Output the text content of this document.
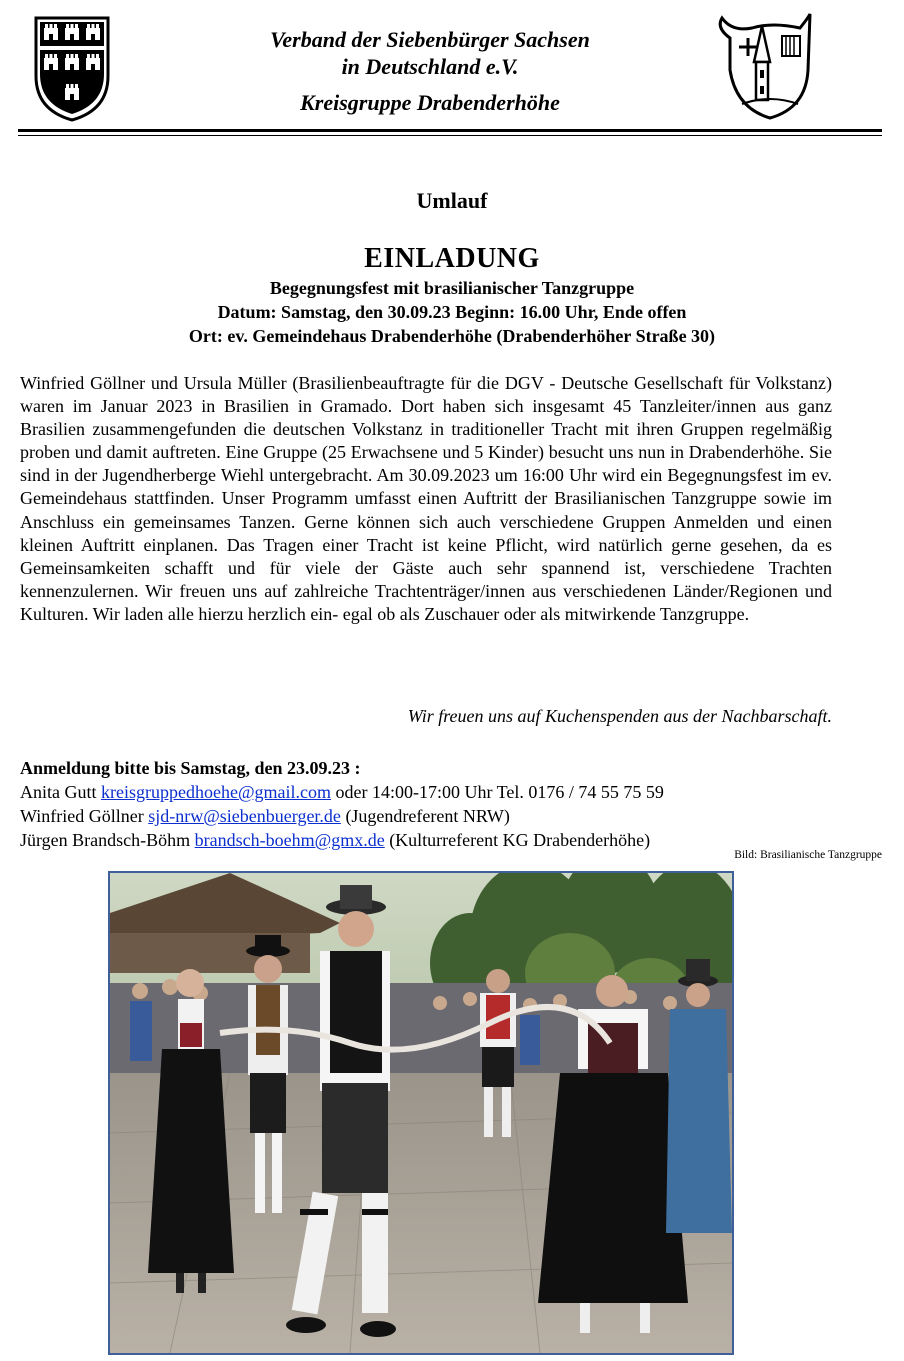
Verband der Siebenbürger Sachsen
in Deutschland e.V.
Kreisgruppe Drabenderhöhe
Umlauf
EINLADUNG
Begegnungsfest mit brasilianischer Tanzgruppe
Datum: Samstag, den 30.09.23 Beginn: 16.00 Uhr, Ende offen
Ort: ev. Gemeindehaus Drabenderhöhe (Drabenderhöher Straße 30)

Winfried Göllner und Ursula Müller (Brasilienbeauftragte für die DGV - Deutsche Gesellschaft für Volkstanz) waren im Januar 2023 in Brasilien in Gramado. Dort haben sich insgesamt 45 Tanzleiter/innen aus ganz Brasilien zusammengefunden die deutschen Volkstanz in traditioneller Tracht mit ihren Gruppen regelmäßig proben und damit auftreten. Eine Gruppe (25 Erwachsene und 5 Kinder) besucht uns nun in Drabenderhöhe. Sie sind in der Jugendherberge Wiehl untergebracht. Am 30.09.2023 um 16:00 Uhr wird ein Begegnungsfest im ev. Gemeindehaus stattfinden. Unser Programm umfasst einen Auftritt der Brasilianischen Tanzgruppe sowie im Anschluss ein gemeinsames Tanzen. Gerne können sich auch verschiedene Gruppen Anmelden und einen kleinen Auftritt einplanen. Das Tragen einer Tracht ist keine Pflicht, wird natürlich gerne gesehen, da es Gemeinsamkeiten schafft und für viele der Gäste auch sehr spannend ist, verschiedene Trachten kennenzulernen. Wir freuen uns auf zahlreiche Trachtenträger/innen aus verschiedenen Länder/Regionen und Kulturen. Wir laden alle hierzu herzlich ein- egal ob als Zuschauer oder als mitwirkende Tanzgruppe.

Wir freuen uns auf Kuchenspenden aus der Nachbarschaft.
Anmeldung bitte bis Samstag, den 23.09.23 :
Anita Gutt kreisgruppedhoehe@gmail.com oder 14:00-17:00 Uhr Tel. 0176 / 74 55 75 59
Winfried Göllner sjd-nrw@siebenbuerger.de (Jugendreferent NRW)
Jürgen Brandsch-Böhm brandsch-boehm@gmx.de (Kulturreferent KG Drabenderhöhe)
Bild: Brasilianische Tanzgruppe
